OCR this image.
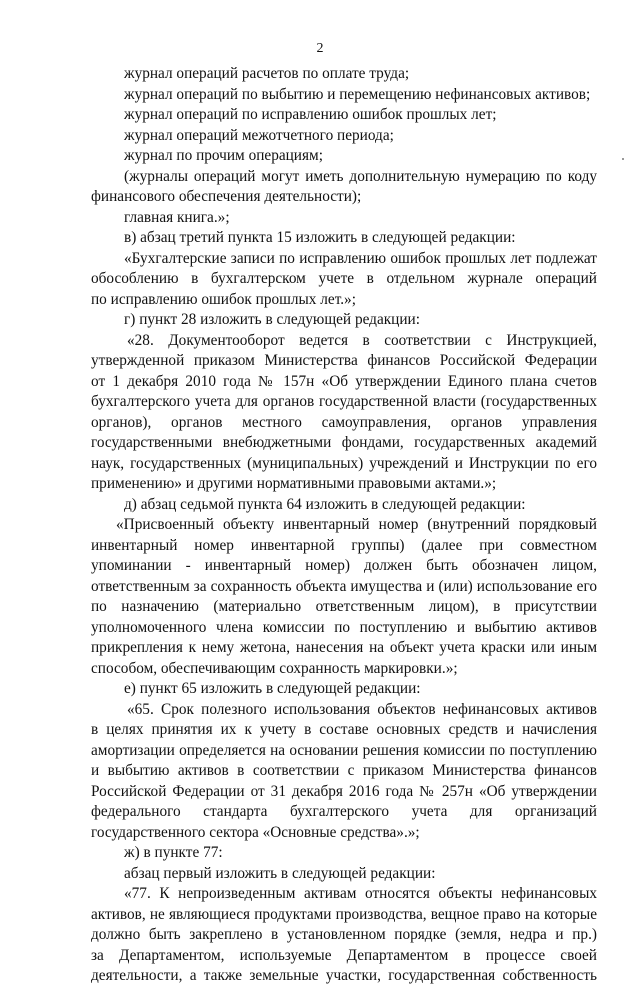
2
журнал операций расчетов по оплате труда;
журнал операций по выбытию и перемещению нефинансовых активов;
журнал операций по исправлению ошибок прошлых лет;
журнал операций межотчетного периода;
журнал по прочим операциям;
(журналы операций могут иметь дополнительную нумерацию по коду
финансового обеспечения деятельности);
главная книга.»;
в) абзац третий пункта 15 изложить в следующей редакции:
«Бухгалтерские записи по исправлению ошибок прошлых лет подлежат
обособлению в бухгалтерском учете в отдельном журнале операций
по исправлению ошибок прошлых лет.»;
г) пункт 28 изложить в следующей редакции:
«28. Документооборот ведется в соответствии с Инструкцией,
утвержденной приказом Министерства финансов Российской Федерации
от 1 декабря 2010 года № 157н «Об утверждении Единого плана счетов
бухгалтерского учета для органов государственной власти (государственных
органов), органов местного самоуправления, органов управления
государственными внебюджетными фондами, государственных академий
наук, государственных (муниципальных) учреждений и Инструкции по его
применению» и другими нормативными правовыми актами.»;
д) абзац седьмой пункта 64 изложить в следующей редакции:
«Присвоенный объекту инвентарный номер (внутренний порядковый
инвентарный номер инвентарной группы) (далее при совместном
упоминании - инвентарный номер) должен быть обозначен лицом,
ответственным за сохранность объекта имущества и (или) использование его
по назначению (материально ответственным лицом), в присутствии
уполномоченного члена комиссии по поступлению и выбытию активов
прикрепления к нему жетона, нанесения на объект учета краски или иным
способом, обеспечивающим сохранность маркировки.»;
е) пункт 65 изложить в следующей редакции:
«65. Срок полезного использования объектов нефинансовых активов
в целях принятия их к учету в составе основных средств и начисления
амортизации определяется на основании решения комиссии по поступлению
и выбытию активов в соответствии с приказом Министерства финансов
Российской Федерации от 31 декабря 2016 года № 257н «Об утверждении
федерального стандарта бухгалтерского учета для организаций
государственного сектора «Основные средства».»;
ж) в пункте 77:
абзац первый изложить в следующей редакции:
«77. К непроизведенным активам относятся объекты нефинансовых
активов, не являющиеся продуктами производства, вещное право на которые
должно быть закреплено в установленном порядке (земля, недра и пр.)
за Департаментом, используемые Департаментом в процессе своей
деятельности, а также земельные участки, государственная собственность
